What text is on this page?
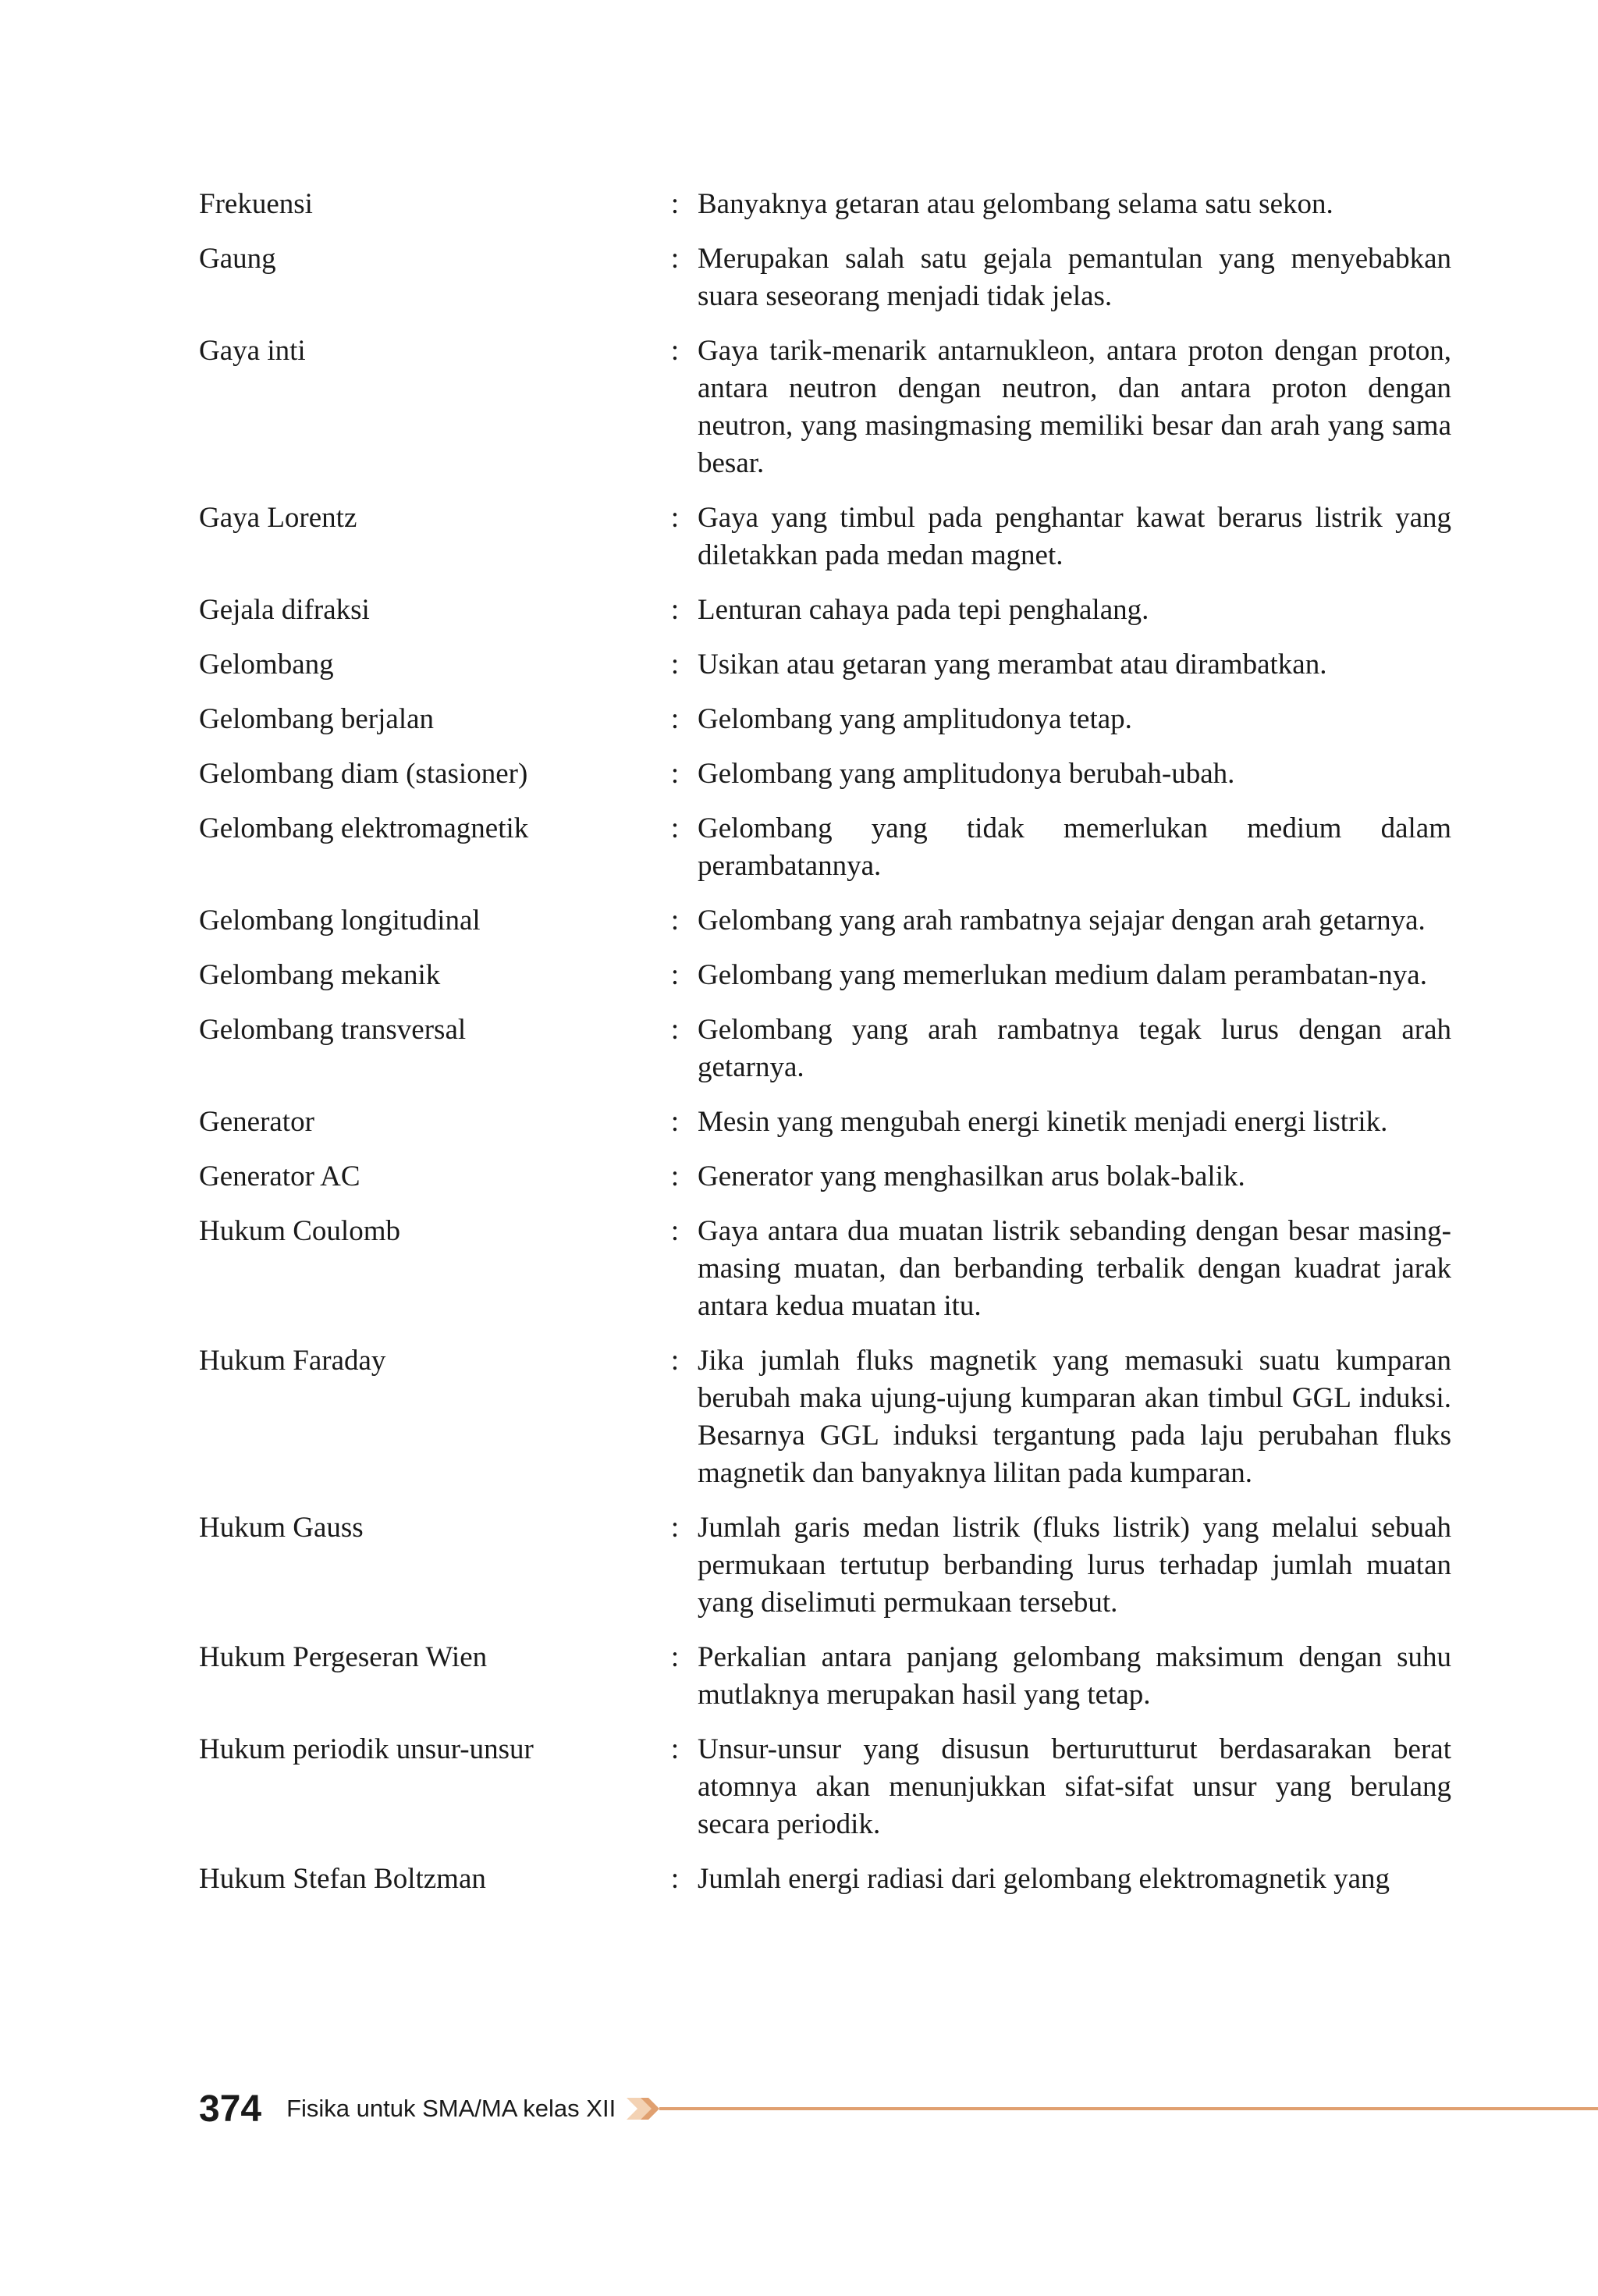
Frekuensi	: Banyaknya getaran atau gelombang selama satu sekon.
Gaung	: Merupakan salah satu gejala pemantulan yang menyebabkan suara seseorang menjadi tidak jelas.
Gaya inti	: Gaya tarik-menarik antarnukleon, antara proton dengan proton, antara neutron dengan neutron, dan antara proton dengan neutron, yang masingmasing memiliki besar dan arah yang sama besar.
Gaya Lorentz	: Gaya yang timbul pada penghantar kawat berarus listrik yang diletakkan pada medan magnet.
Gejala difraksi	: Lenturan cahaya pada tepi penghalang.
Gelombang	: Usikan atau getaran yang merambat atau dirambatkan.
Gelombang berjalan	: Gelombang yang amplitudonya tetap.
Gelombang diam (stasioner)	: Gelombang yang amplitudonya berubah-ubah.
Gelombang elektromagnetik	: Gelombang yang tidak memerlukan medium dalam perambatannya.
Gelombang longitudinal	: Gelombang yang arah rambatnya sejajar dengan arah getarnya.
Gelombang mekanik	: Gelombang yang memerlukan medium dalam perambatan-nya.
Gelombang transversal	: Gelombang yang arah rambatnya tegak lurus dengan arah getarnya.
Generator	: Mesin yang mengubah energi kinetik menjadi energi listrik.
Generator AC	: Generator yang menghasilkan arus bolak-balik.
Hukum Coulomb	: Gaya antara dua muatan listrik sebanding dengan besar masing-masing muatan, dan berbanding terbalik dengan kuadrat jarak antara kedua muatan itu.
Hukum Faraday	: Jika jumlah fluks magnetik yang memasuki suatu kumparan berubah maka ujung-ujung kumparan akan timbul GGL induksi. Besarnya GGL induksi tergantung pada laju perubahan fluks magnetik dan banyaknya lilitan pada kumparan.
Hukum Gauss	: Jumlah garis medan listrik (fluks listrik) yang melalui sebuah permukaan tertutup berbanding lurus terhadap jumlah muatan yang diselimuti permukaan tersebut.
Hukum Pergeseran Wien	: Perkalian antara panjang gelombang maksimum dengan suhu mutlaknya merupakan hasil yang tetap.
Hukum periodik unsur-unsur	: Unsur-unsur yang disusun berturutturut berdasarakan berat atomnya akan menunjukkan sifat-sifat unsur yang berulang secara periodik.
Hukum Stefan Boltzman	: Jumlah energi radiasi dari gelombang elektromagnetik yang
374 Fisika untuk SMA/MA kelas XII
